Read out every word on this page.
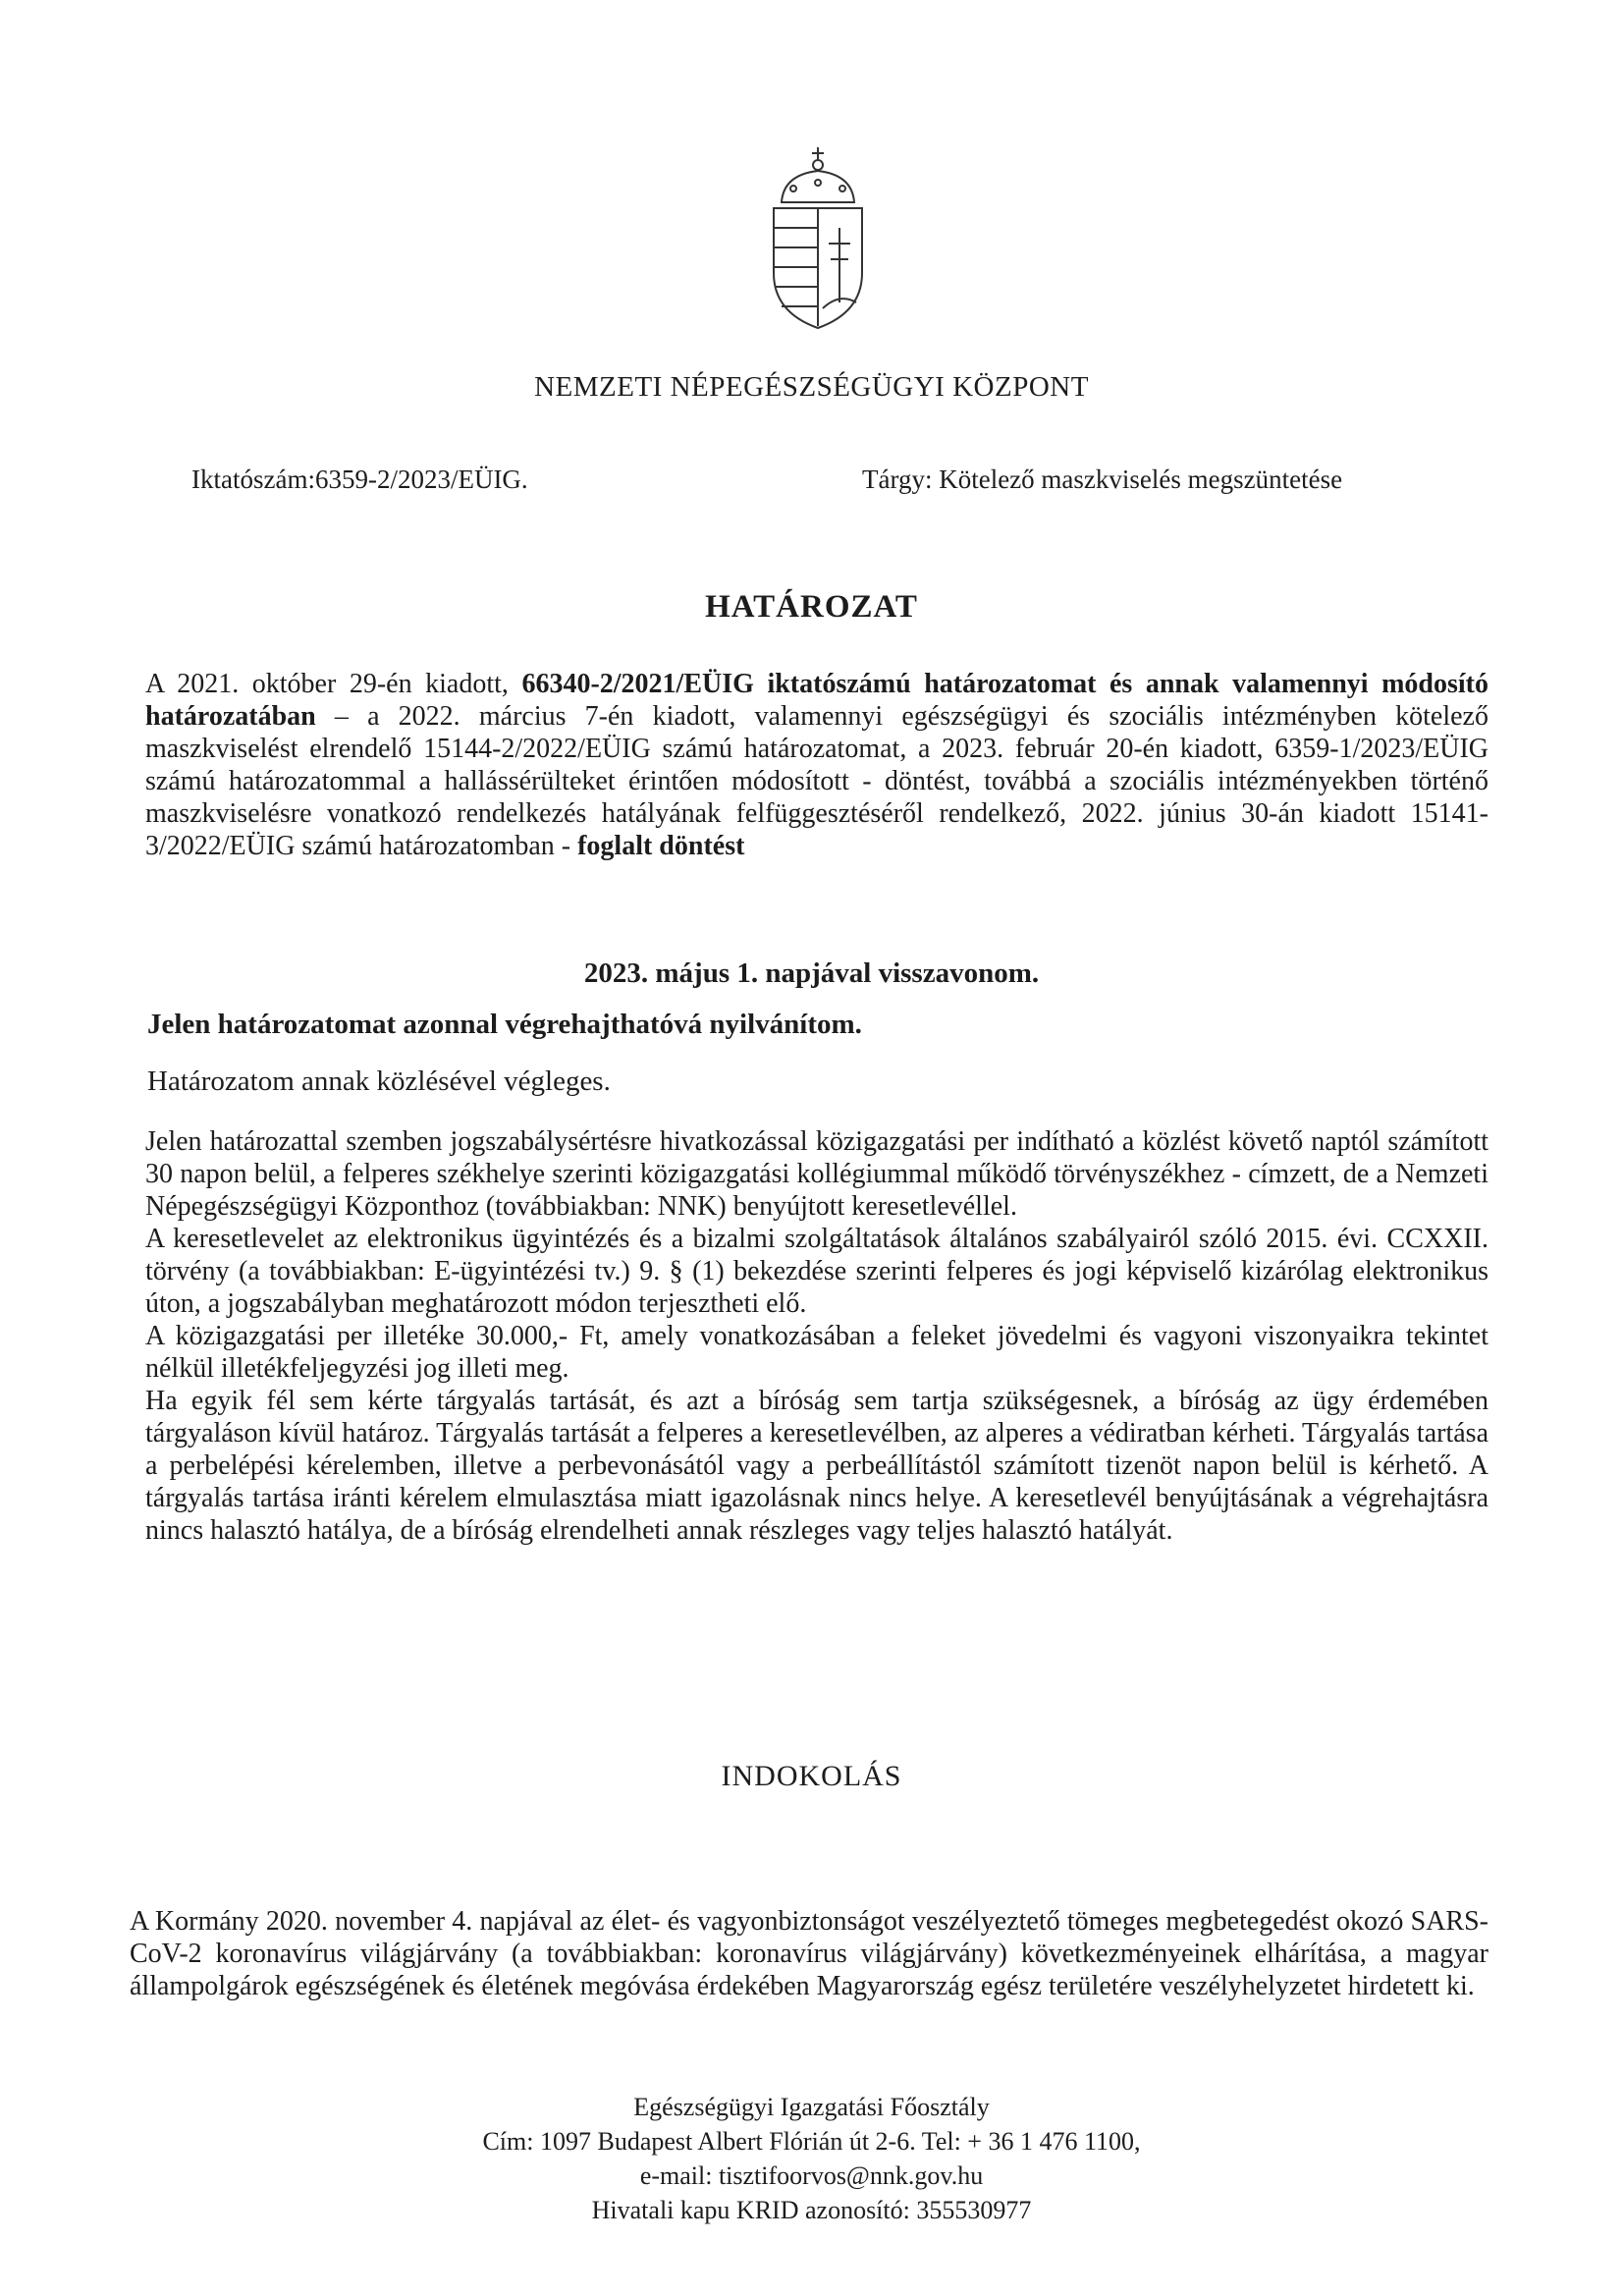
NEMZETI NÉPEGÉSZSÉGÜGYI KÖZPONT
Iktatószám:6359-2/2023/EÜIG.	Tárgy: Kötelező maszkviselés megszüntetése
HATÁROZAT
A 2021. október 29-én kiadott, 66340-2/2021/EÜIG iktatószámú határozatomat és annak valamennyi módosító határozatában – a 2022. március 7-én kiadott, valamennyi egészségügyi és szociális intézményben kötelező maszkviselést elrendelő 15144-2/2022/EÜIG számú határozatomat, a 2023. február 20-én kiadott, 6359-1/2023/EÜIG számú határozatommal a hallássérülteket érintően módosított - döntést, továbbá a szociális intézményekben történő maszkviselésre vonatkozó rendelkezés hatályának felfüggesztéséről rendelkező, 2022. június 30-án kiadott 15141-3/2022/EÜIG számú határozatomban - foglalt döntést
2023. május 1. napjával visszavonom.
Jelen határozatomat azonnal végrehajthatóvá nyilvánítom.
Határozatom annak közlésével végleges.

Jelen határozattal szemben jogszabálysértésre hivatkozással közigazgatási per indítható a közlést követő naptól számított 30 napon belül, a felperes székhelye szerinti közigazgatási kollégiummal működő törvényszékhez - címzett, de a Nemzeti Népegészségügyi Központhoz (továbbiakban: NNK) benyújtott keresetlevéllel.

A keresetlevelet az elektronikus ügyintézés és a bizalmi szolgáltatások általános szabályairól szóló 2015. évi. CCXXII. törvény (a továbbiakban: E-ügyintézési tv.) 9. § (1) bekezdése szerinti felperes és jogi képviselő kizárólag elektronikus úton, a jogszabályban meghatározott módon terjesztheti elő.

A közigazgatási per illetéke 30.000,- Ft, amely vonatkozásában a feleket jövedelmi és vagyoni viszonyaikra tekintet nélkül illetékfeljegyzési jog illeti meg.

Ha egyik fél sem kérte tárgyalás tartását, és azt a bíróság sem tartja szükségesnek, a bíróság az ügy érdemében tárgyaláson kívül határoz. Tárgyalás tartását a felperes a keresetlevélben, az alperes a védiratban kérheti. Tárgyalás tartása a perbelépési kérelemben, illetve a perbevonásától vagy a perbeállítástól számított tizenöt napon belül is kérhető. A tárgyalás tartása iránti kérelem elmulasztása miatt igazolásnak nincs helye. A keresetlevél benyújtásának a végrehajtásra nincs halasztó hatálya, de a bíróság elrendelheti annak részleges vagy teljes halasztó hatályát.

INDOKOLÁS
A Kormány 2020. november 4. napjával az élet- és vagyonbiztonságot veszélyeztető tömeges megbetegedést okozó SARS-CoV-2 koronavírus világjárvány (a továbbiakban: koronavírus világjárvány) következményeinek elhárítása, a magyar állampolgárok egészségének és életének megóvása érdekében Magyarország egész területére veszélyhelyzetet hirdetett ki.
Egészségügyi Igazgatási Főosztály
Cím: 1097 Budapest Albert Flórián út 2-6. Tel: + 36 1 476 1100,
e-mail: tisztifoorvos@nnk.gov.hu
Hivatali kapu KRID azonosító: 355530977
